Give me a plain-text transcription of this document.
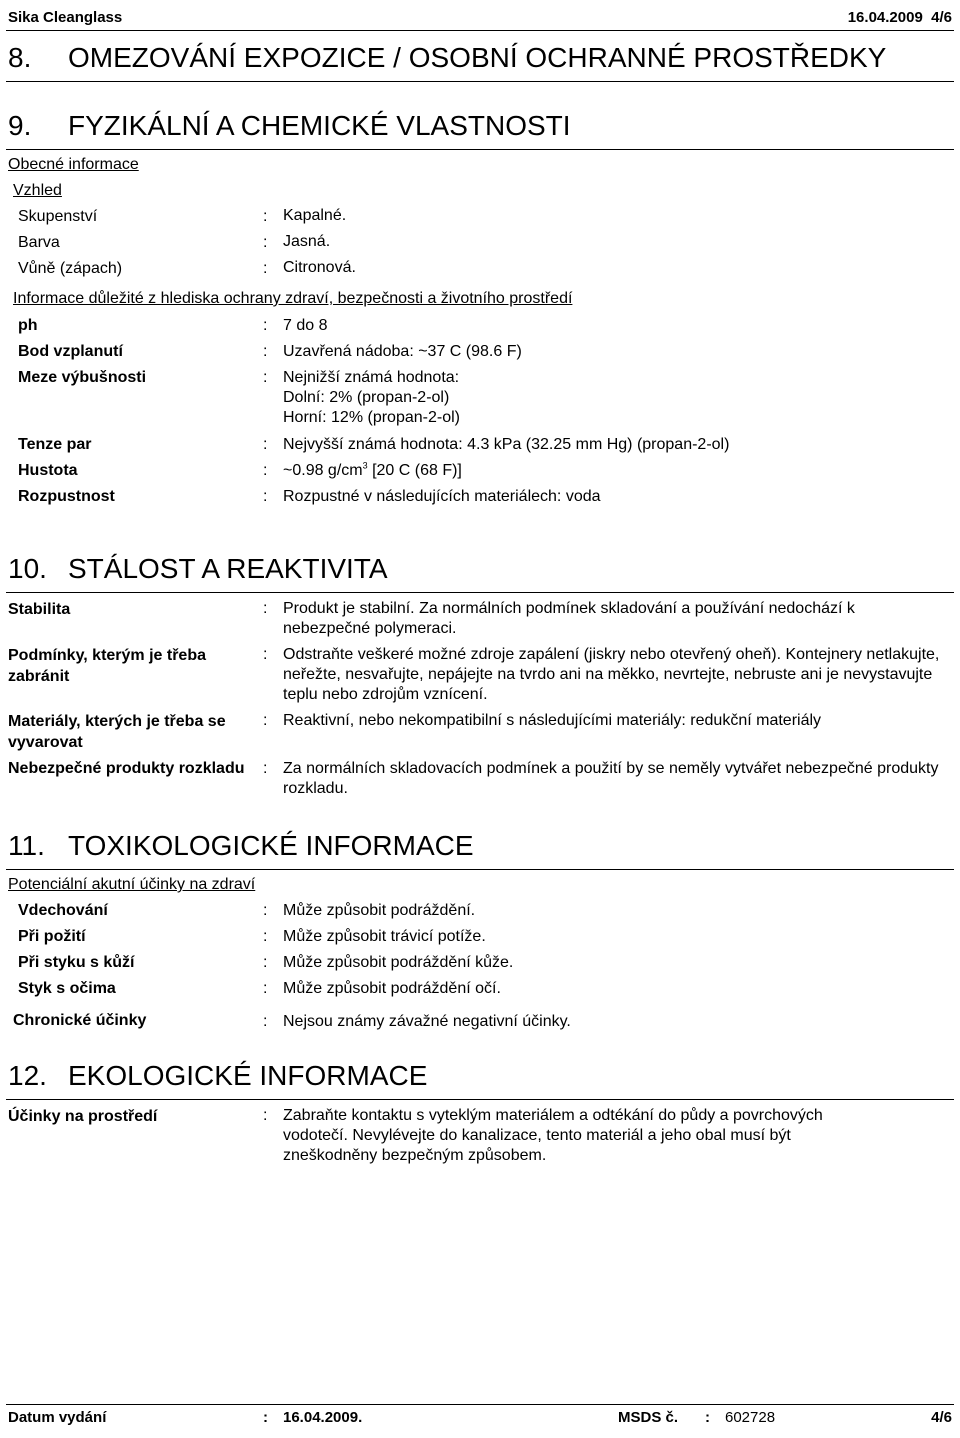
Sika Cleanglass	16.04.2009 4/6
8. OMEZOVÁNÍ EXPOZICE / OSOBNÍ OCHRANNÉ PROSTŘEDKY
9. FYZIKÁLNÍ A CHEMICKÉ VLASTNOSTI
Obecné informace
Vzhled
Skupenství	: Kapalné.
Barva	: Jasná.
Vůně (zápach)	: Citronová.
Informace důležité z hlediska ochrany zdraví, bezpečnosti a životního prostředí
ph	: 7 do 8
Bod vzplanutí	: Uzavřená nádoba: ~37 C (98.6 F)
Meze výbušnosti	: Nejnižší známá hodnota:
Dolní: 2% (propan-2-ol)
Horní: 12% (propan-2-ol)
Tenze par	: Nejvyšší známá hodnota: 4.3 kPa (32.25 mm Hg) (propan-2-ol)
Hustota	: ~0.98 $g/cm^3$ [20 C (68 F)]
Rozpustnost	: Rozpustné v následujících materiálech: voda
10. STÁLOST A REAKTIVITA
Stabilita	: Produkt je stabilní. Za normálních podmínek skladování a používání nedochází k nebezpečné polymeraci.
Podmínky, kterým je třeba zabránit
: Odstraňte veškeré možné zdroje zapálení (jiskry nebo otevřený oheň). Kontejnery netlakujte, neřežte, nesvařujte, nepájejte na tvrdo ani na měkko, nevrtejte, nebruste ani je nevystavujte teplu nebo zdrojům vznícení.
Materiály, kterých je třeba se vyvarovat
: Reaktivní, nebo nekompatibilní s následujícími materiály: redukční materiály
Nebezpečné produkty rozkladu	: Za normálních skladovacích podmínek a použití by se neměly vytvářet nebezpečné produkty rozkladu.
11. TOXIKOLOGICKÉ INFORMACE
Potenciální akutní účinky na zdraví
Vdechování	: Může způsobit podráždění.
Při požití	: Může způsobit trávicí potíže.
Při styku s kůží	: Může způsobit podráždění kůže.
Styk s očima	: Může způsobit podráždění očí.
Chronické účinky	: Nejsou známy závažné negativní účinky.
12. EKOLOGICKÉ INFORMACE
Účinky na prostředí	: Zabraňte kontaktu s vyteklým materiálem a odtékání do půdy a povrchových vodotečí. Nevylévejte do kanalizace, tento materiál a jeho obal musí být zneškodněny bezpečným způsobem.
Datum vydání	: 16.04.2009.	MSDS č. : 602728	4/6
